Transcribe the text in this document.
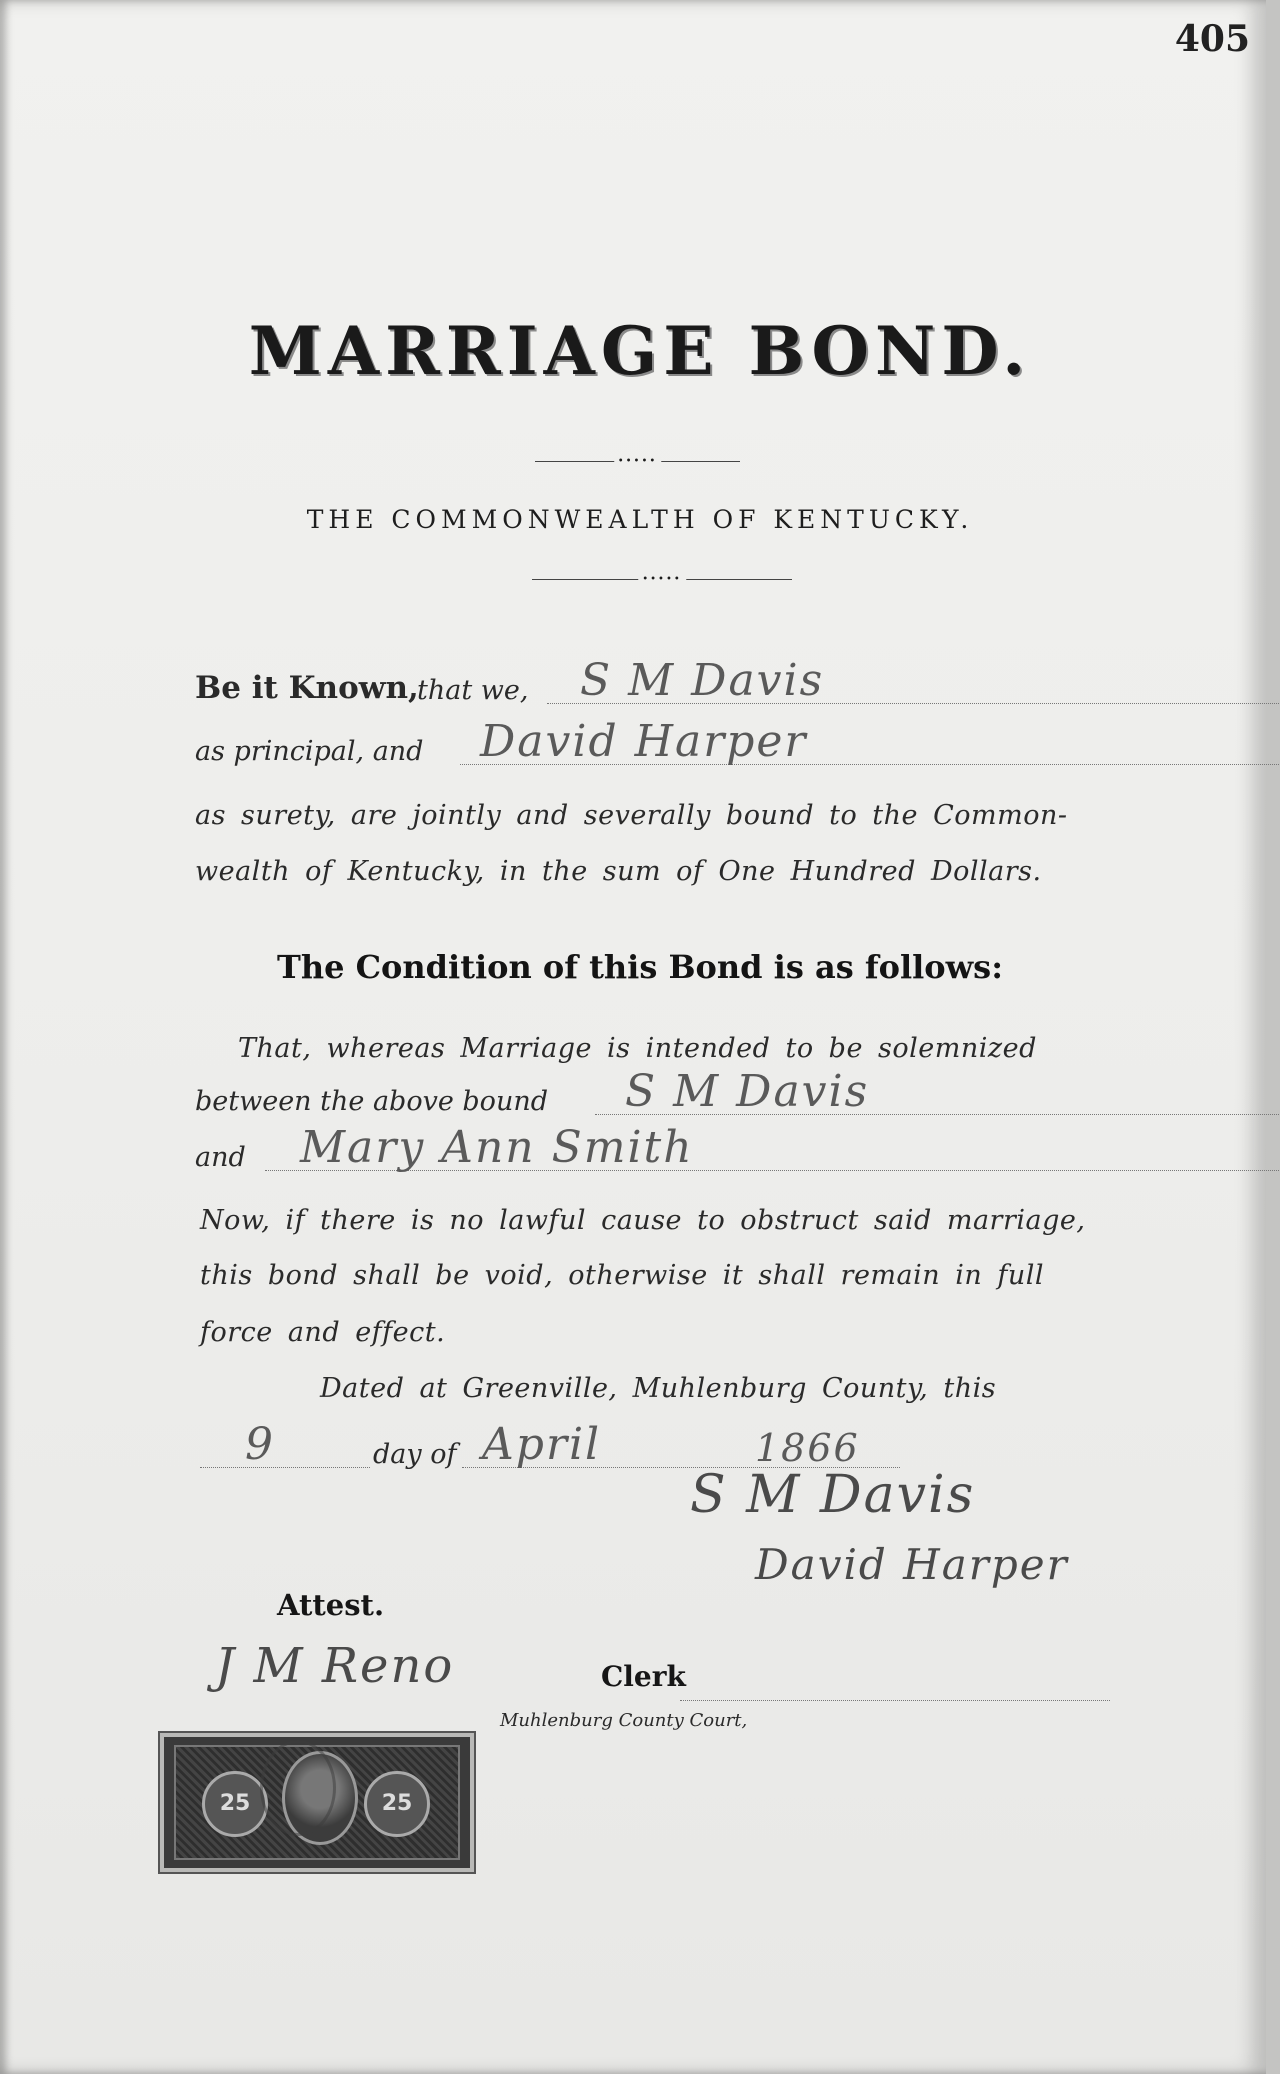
405
MARRIAGE BOND.
•••••
THE COMMONWEALTH OF KENTUCKY.
•••••
Be it Known,
that we, S M Davis
as principal, and David Harper
as surety, are jointly and severally bound to the Common-
wealth of Kentucky, in the sum of One Hundred Dollars.
The Condition of this Bond is as follows:
That, whereas Marriage is intended to be solemnized
between the above bound S M Davis
and Mary Ann Smith
Now, if there is no lawful cause to obstruct said marriage,
this bond shall be void, otherwise it shall remain in full
force and effect.
Dated at Greenville, Muhlenburg County, this
9	day of April	1866
S M Davis
David Harper
Attest.
J M Reno	Clerk
Muhlenburg County Court,
25	25
